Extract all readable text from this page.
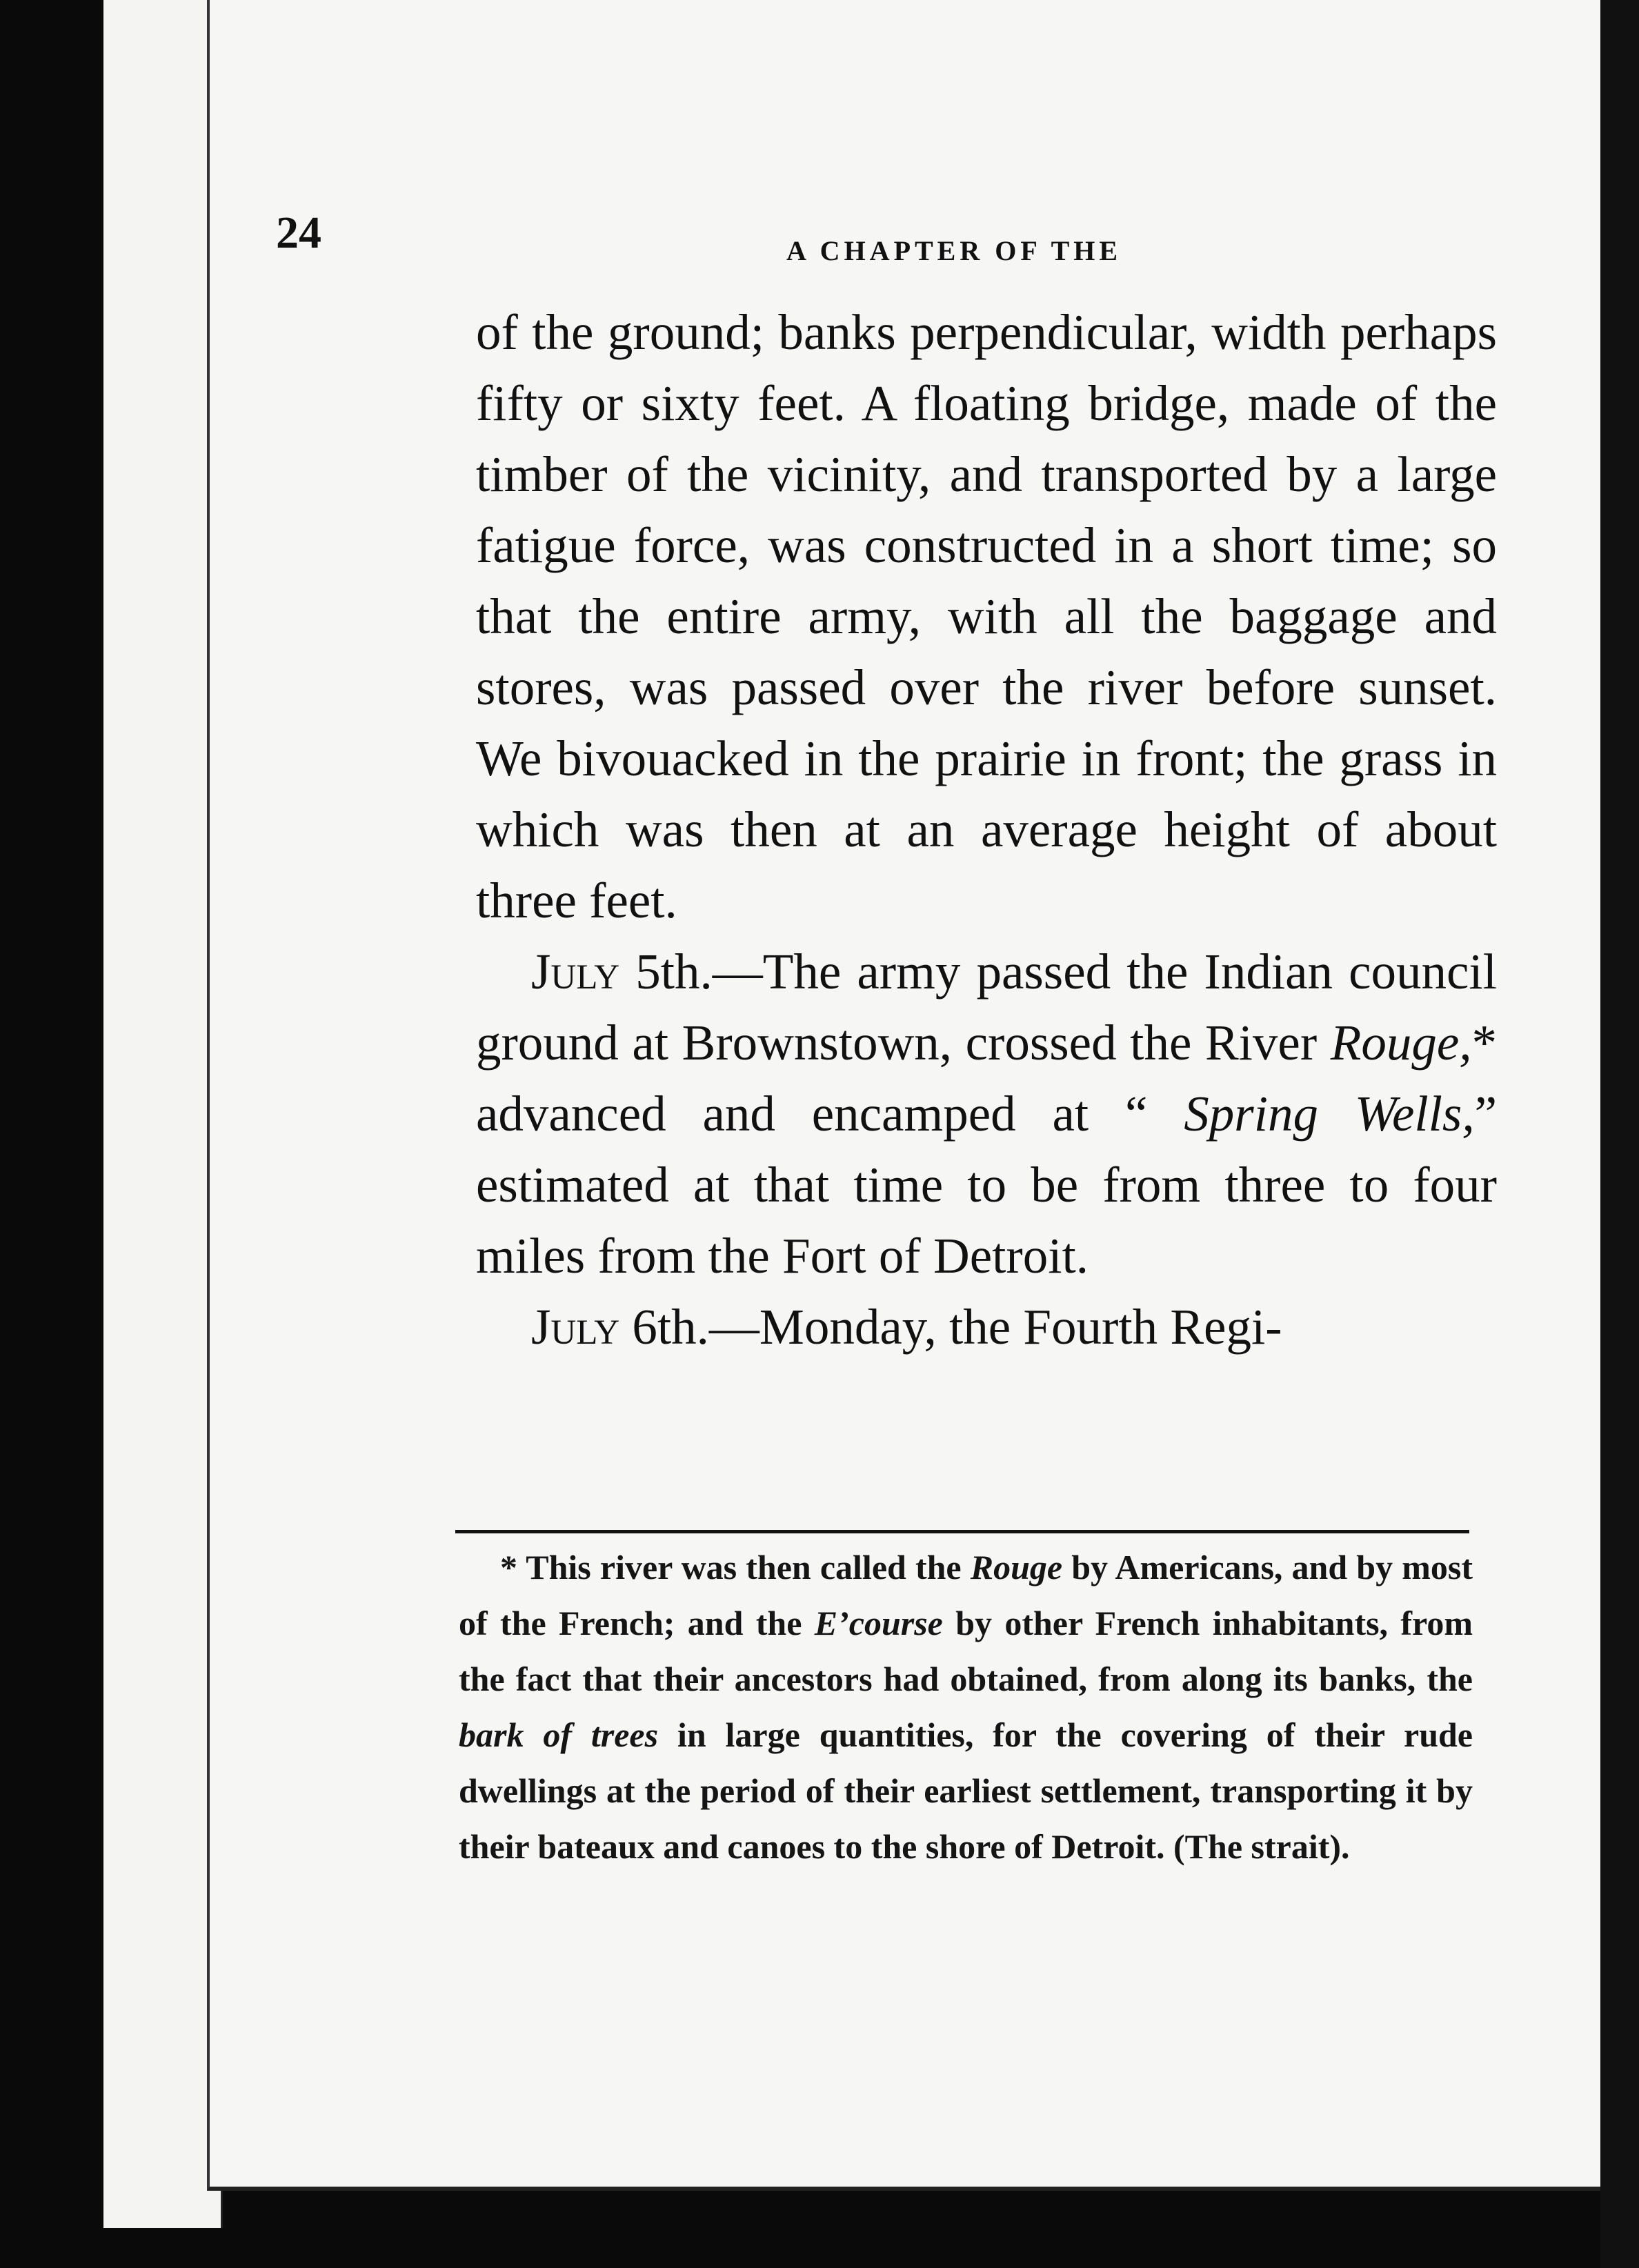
24	A CHAPTER OF THE

of the ground; banks perpendicular, width perhaps fifty or sixty feet. A floating bridge, made of the timber of the vicinity, and transported by a large fatigue force, was constructed in a short time; so that the entire army, with all the baggage and stores, was passed over the river before sunset. We bivouacked in the prairie in front; the grass in which was then at an average height of about three feet.

July 5th.—The army passed the Indian council ground at Brownstown, crossed the River Rouge,* advanced and encamped at “ Spring Wells,” estimated at that time to be from three to four miles from the Fort of Detroit.

July 6th.—Monday, the Fourth Regi-

* This river was then called the Rouge by Americans, and by most of the French; and the E’course by other French inhabitants, from the fact that their ancestors had obtained, from along its banks, the bark of trees in large quantities, for the covering of their rude dwellings at the period of their earliest settlement, transporting it by their bateaux and canoes to the shore of Detroit. (The strait).
